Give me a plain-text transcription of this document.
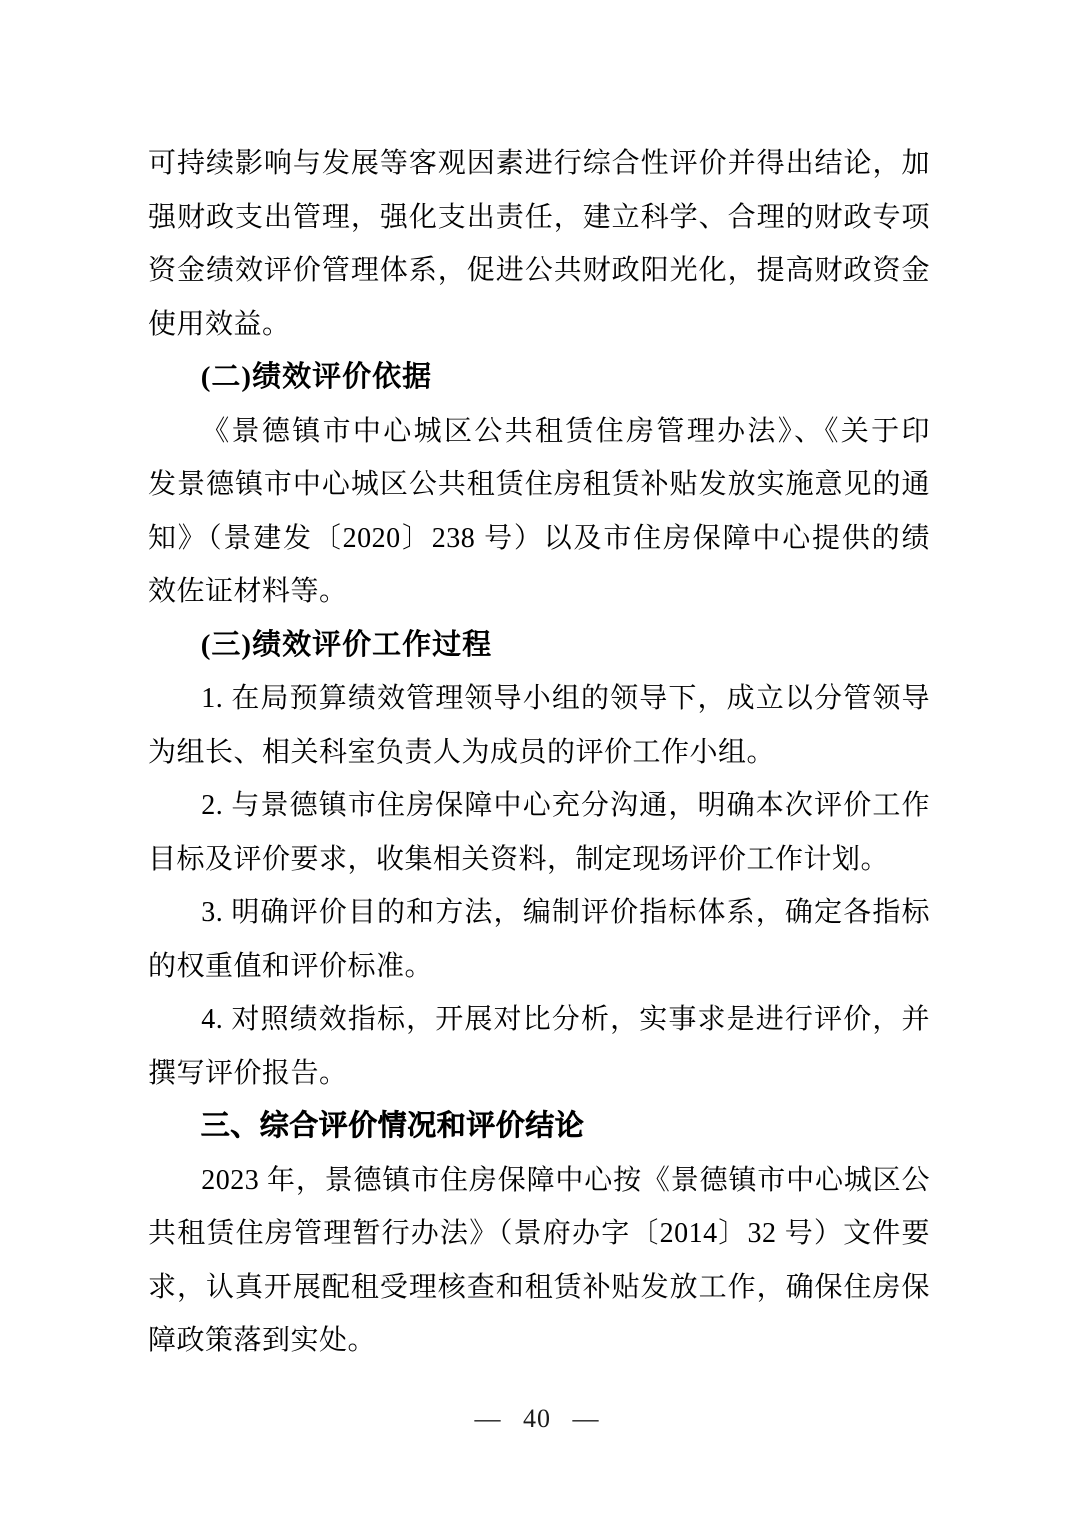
可持续影响与发展等客观因素进行综合性评价并得出结论，加
强财政支出管理，强化支出责任，建立科学、合理的财政专项
资金绩效评价管理体系，促进公共财政阳光化，提高财政资金
使用效益。
(二)绩效评价依据
《景德镇市中心城区公共租赁住房管理办法》、《关于印
发景德镇市中心城区公共租赁住房租赁补贴发放实施意见的通
知》（景建发〔2020〕238 号）以及市住房保障中心提供的绩
效佐证材料等。
(三)绩效评价工作过程
1. 在局预算绩效管理领导小组的领导下，成立以分管领导
为组长、相关科室负责人为成员的评价工作小组。
2. 与景德镇市住房保障中心充分沟通，明确本次评价工作
目标及评价要求，收集相关资料，制定现场评价工作计划。
3. 明确评价目的和方法，编制评价指标体系，确定各指标
的权重值和评价标准。
4. 对照绩效指标，开展对比分析，实事求是进行评价，并
撰写评价报告。
三、综合评价情况和评价结论
2023 年，景德镇市住房保障中心按《景德镇市中心城区公
共租赁住房管理暂行办法》（景府办字〔2014〕32 号）文件要
求，认真开展配租受理核查和租赁补贴发放工作，确保住房保
障政策落到实处。
— 40 —
